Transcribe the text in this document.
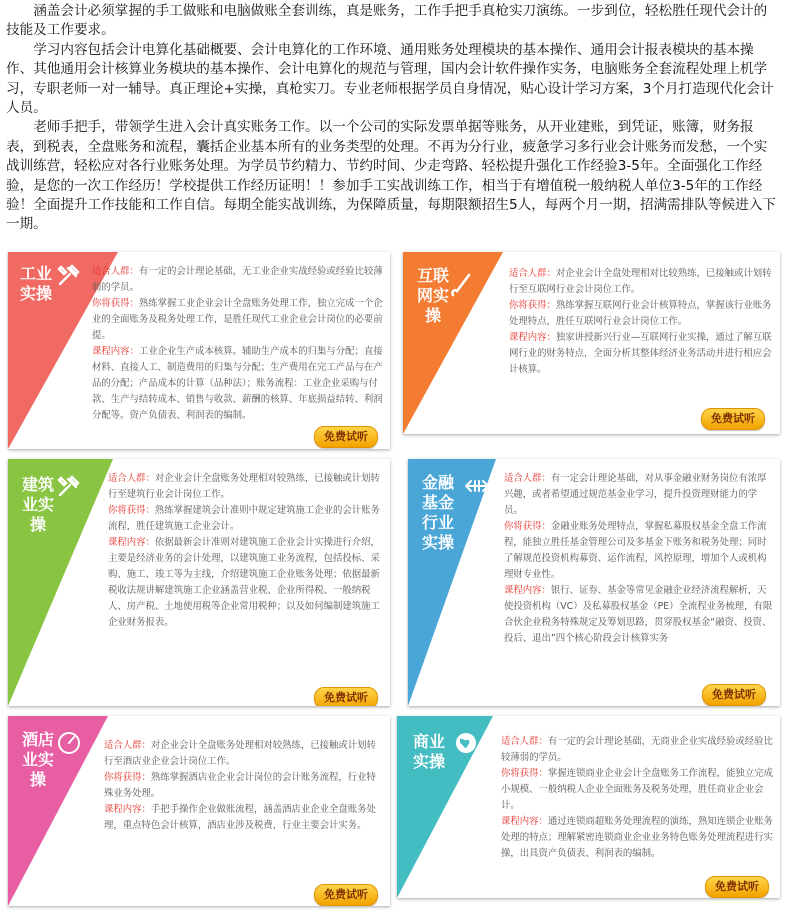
涵盖会计必须掌握的手工做账和电脑做账全套训练，真是账务，工作手把手真枪实刀演练。一步到位，轻松胜任现代会计的技能及工作要求。

学习内容包括会计电算化基础概要、会计电算化的工作环境、通用账务处理模块的基本操作、通用会计报表模块的基本操作、其他通用会计核算业务模块的基本操作、会计电算化的规范与管理，国内会计软件操作实务，电脑账务全套流程处理上机学习，专职老师一对一辅导。真正理论+实操，真枪实刀。专业老师根据学员自身情况，贴心设计学习方案，3个月打造现代化会计人员。

老师手把手，带领学生进入会计真实账务工作。以一个公司的实际发票单据等账务，从开业建账，到凭证，账簿，财务报表，到税表，全盘账务和流程，囊括企业基本所有的业务类型的处理。不再为分行业，疲惫学习多行业会计账务而发愁，一个实战训练营，轻松应对各行业账务处理。为学员节约精力、节约时间、少走弯路、轻松提升强化工作经验3-5年。全面强化工作经验，是您的一次工作经历！学校提供工作经历证明！！参加手工实战训练工作，相当于有增值税一般纳税人单位3-5年的工作经验！全面提升工作技能和工作自信。每期全能实战训练，为保障质量，每期限额招生5人，每两个月一期，招满需排队等候进入下一期。

工业实操
适合人群：有一定的会计理论基础，无工业企业实战经验或经验比较薄弱的学员。
你将获得：熟练掌握工业企业会计全盘账务处理工作，独立完成一个企业的全面账务及税务处理工作，是胜任现代工业企业会计岗位的必要前提。
课程内容：工业企业生产成本核算。辅助生产成本的归集与分配；直接材料、直接人工、制造费用的归集与分配；生产费用在完工产品与在产品的分配；产品成本的计算（品种法）；账务流程：工业企业采购与付款、生产与结转成本、销售与收款、薪酬的核算、年底损益结转、利润分配等。资产负债表、利润表的编制。
免费试听
互联网实操
适合人群：对企业会计全盘处理相对比较熟练，已接触或计划转行至互联网行业会计岗位工作。
你将获得：熟练掌握互联网行业会计核算特点，掌握该行业账务处理特点，胜任互联网行业会计岗位工作。
课程内容：独家讲授新兴行业—互联网行业实操，通过了解互联网行业的财务特点，全面分析其整体经济业务活动并进行相应会计核算。
免费试听
建筑业实操
适合人群：对企业会计全盘账务处理相对较熟练，已接触或计划转行至建筑行业会计岗位工作。
你将获得：熟练掌握建筑会计准则中规定建筑施工企业的会计账务流程，胜任建筑施工企业会计。
课程内容：依据最新会计准则对建筑施工企业会计实操进行介绍，主要是经济业务的会计处理，以建筑施工业务流程，包括投标、采购、施工、竣工等为主线，介绍建筑施工企业账务处理；依据最新税收法规讲解建筑施工企业涵盖营业税、企业所得税、一般纳税人、房产税、土地使用税等企业常用税种；以及如何编制建筑施工企业财务报表。
免费试听
金融基金行业实操
适合人群：有一定会计理论基础，对从事金融业财务岗位有浓厚兴趣，或者希望通过规范基金业学习，提升投资理财能力的学员。
你将获得：金融业账务处理特点，掌握私募股权基金全盘工作流程，能独立胜任基金管理公司及多基金下账务和税务处理；同时了解规范投资机构募资、运作流程，风控原理，增加个人或机构理财专业性。
课程内容：银行、证券、基金等常见金融企业经济流程解析，天使投资机构（VC）及私募股权基金（PE）全流程业务梳理，有限合伙企业税务特殊规定及筹划思路，贯穿股权基金“融资、投资、投后、退出”四个核心阶段会计核算实务
免费试听
酒店业实操
适合人群：对企业会计全盘账务处理相对较熟练，已接触或计划转行至酒店业企业会计岗位工作。
你将获得：熟练掌握酒店业企业会计岗位的会计账务流程，行业特殊业务处理。
课程内容：手把手操作企业做账流程，涵盖酒店业企业全盘账务处理，重点特色会计核算，酒店业涉及税费，行业主要会计实务。
免费试听
商业实操
适合人群：有一定的会计理论基础，无商业企业实战经验或经验比较薄弱的学员。
你将获得：掌握连锁商业企业会计全盘账务工作流程，能独立完成小规模、一般纳税人企业全面账务及税务处理，胜任商业企业会计。
课程内容：通过连锁商超账务处理流程的演练，熟知连锁企业账务处理的特点；理解紧密连锁商业企业业务特色账务处理流程进行实操，出具资产负债表、利润表的编制。
免费试听
